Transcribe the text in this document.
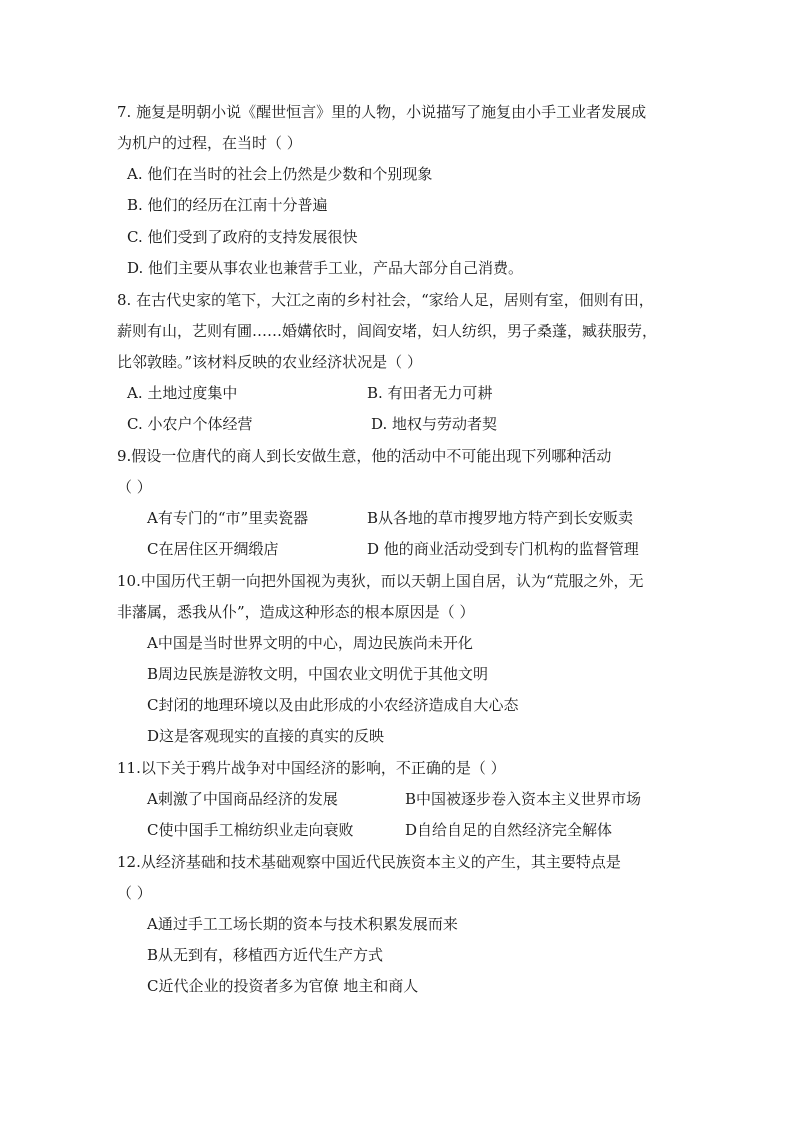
7. 施复是明朝小说《醒世恒言》里的人物，小说描写了施复由小手工业者发展成
为机户的过程，在当时（ ）
A. 他们在当时的社会上仍然是少数和个别现象
B. 他们的经历在江南十分普遍
C. 他们受到了政府的支持发展很快
D. 他们主要从事农业也兼营手工业，产品大部分自己消费。
8. 在古代史家的笔下，大江之南的乡村社会，“家给人足，居则有室，佃则有田，
薪则有山，艺则有圃……婚媾依时，闾阎安堵，妇人纺织，男子桑蓬，臧获服劳，
比邻敦睦。”该材料反映的农业经济状况是（ ）
A. 土地过度集中	B. 有田者无力可耕
C. 小农户个体经营	D. 地权与劳动者契
9.假设一位唐代的商人到长安做生意，他的活动中不可能出现下列哪种活动
（ ）
A有专门的“市”里卖瓷器	B从各地的草市搜罗地方特产到长安贩卖
C在居住区开绸缎店	D 他的商业活动受到专门机构的监督管理
10.中国历代王朝一向把外国视为夷狄，而以天朝上国自居，认为“荒服之外，无
非藩属，悉我从仆”，造成这种形态的根本原因是（ ）
A中国是当时世界文明的中心，周边民族尚未开化
B周边民族是游牧文明，中国农业文明优于其他文明
C封闭的地理环境以及由此形成的小农经济造成自大心态
D这是客观现实的直接的真实的反映
11.以下关于鸦片战争对中国经济的影响，不正确的是（ ）
A刺激了中国商品经济的发展	B中国被逐步卷入资本主义世界市场
C使中国手工棉纺织业走向衰败	D自给自足的自然经济完全解体
12.从经济基础和技术基础观察中国近代民族资本主义的产生，其主要特点是
（ ）
A通过手工工场长期的资本与技术积累发展而来
B从无到有，移植西方近代生产方式
C近代企业的投资者多为官僚 地主和商人
